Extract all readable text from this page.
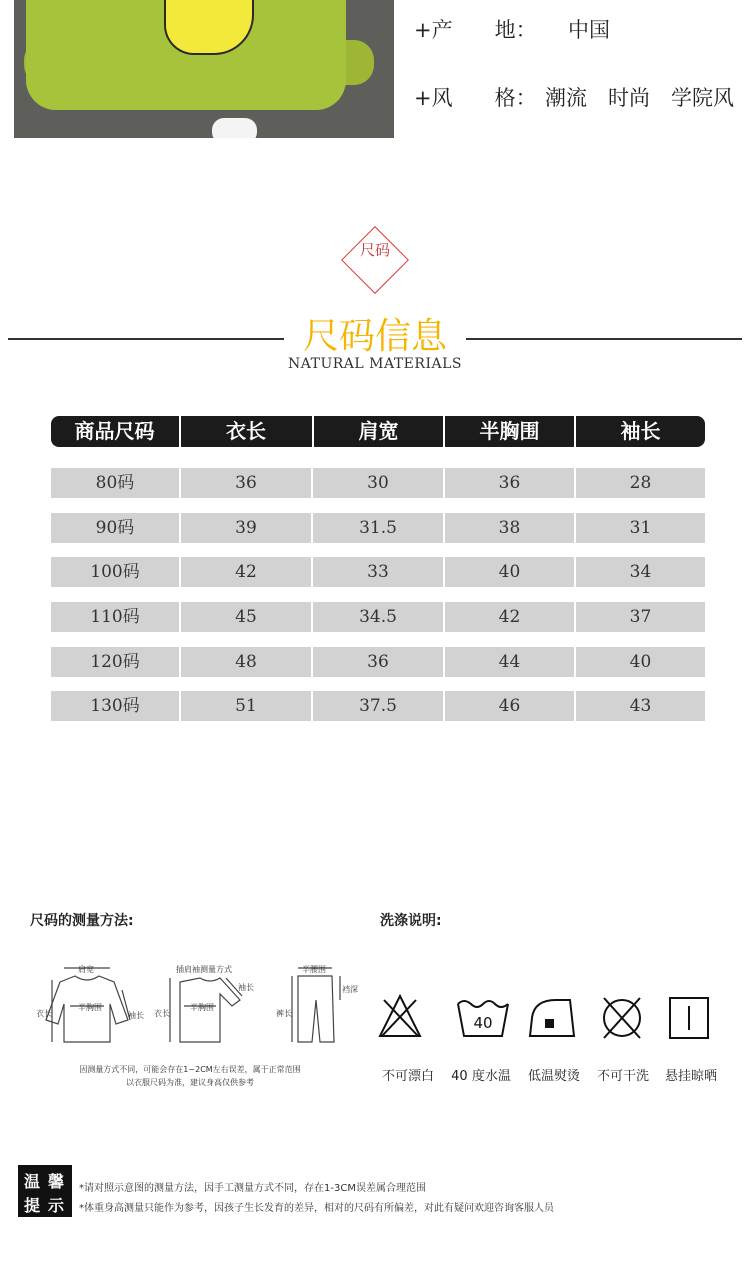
+产　　地： 中国
+风　　格： 潮流　时尚　学院风
尺码
尺码信息
NATURAL MATERIALS
商品尺码	衣长	肩宽	半胸围	袖长
80码	36	30	36	28
90码	39	31.5	38	31
100码	42	33	40	34
110码	45	34.5	42	37
120码	48	36	44	40
130码	51	37.5	46	43
尺码的测量方法:
肩宽
半胸围
衣长	袖长
插肩袖测量方式
半胸围
衣长
袖长
半腰围
裆深
裤长
因测量方式不同，可能会存在1~2CM左右误差，属于正常范围
以衣服尺码为准，建议身高仅供参考
洗涤说明:
40
不可漂白	40 度水温	低温熨烫	不可干洗	悬挂晾晒
温 馨
提 示
*请对照示意图的测量方法，因手工测量方式不同，存在1-3CM误差属合理范围
*体重身高测量只能作为参考，因孩子生长发育的差异，相对的尺码有所偏差，对此有疑问欢迎咨询客服人员
